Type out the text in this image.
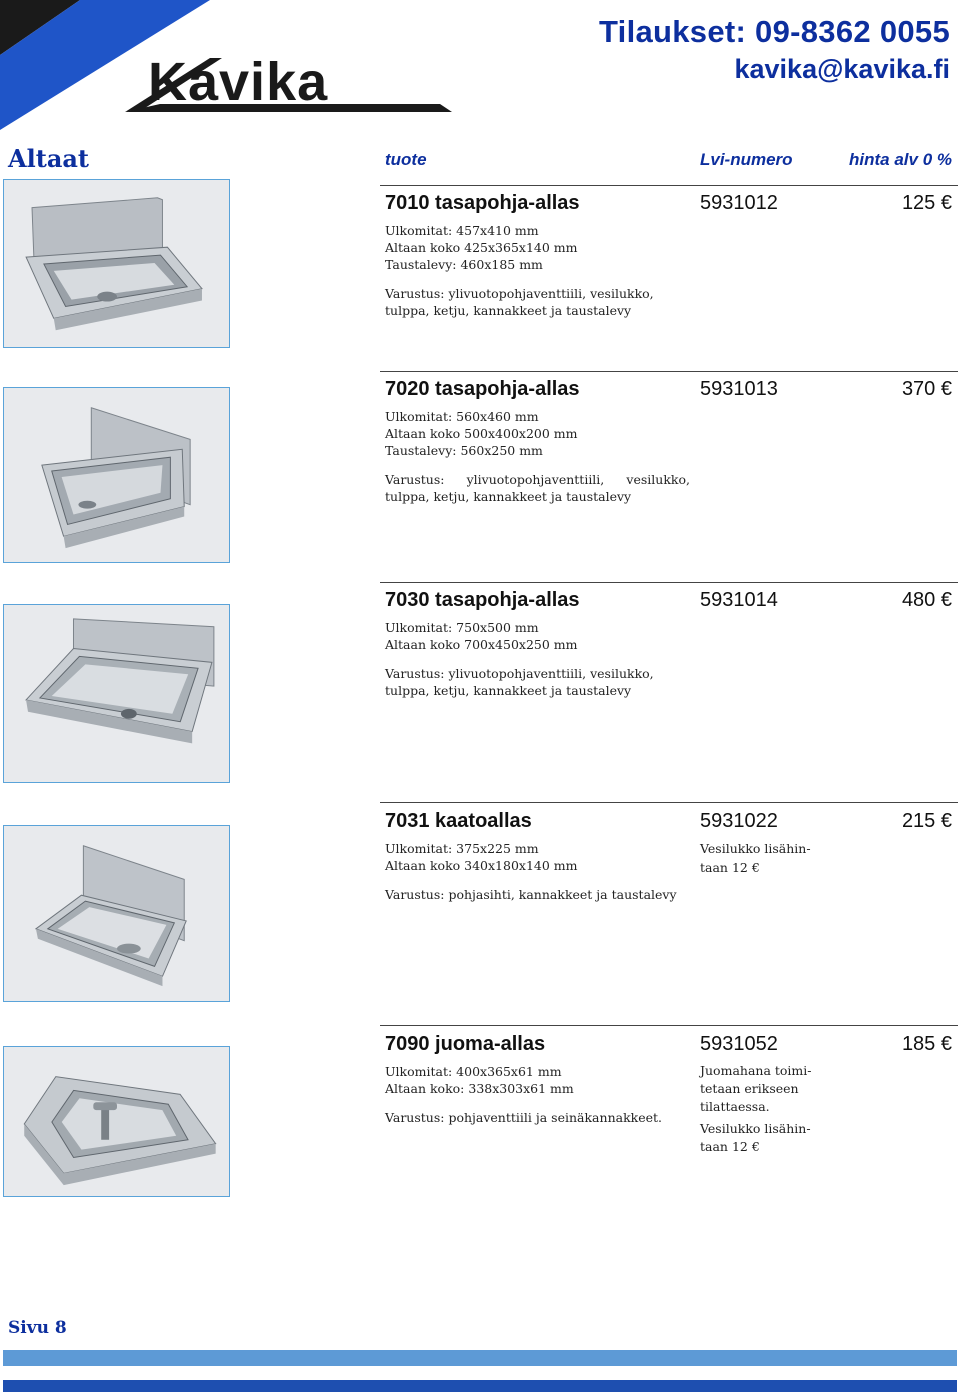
Kavika
Tilaukset: 09-8362 0055
kavika@kavika.fi
Altaat	tuote	Lvi-numero	hinta alv 0 %
7010 tasapohja-allas	5931012	125 €
Ulkomitat: 457x410 mm
Altaan koko 425x365x140 mm
Taustalevy: 460x185 mm
Varustus: ylivuotopohjaventtiili, vesilukko,
tulppa, ketju, kannakkeet ja taustalevy
7020 tasapohja-allas	5931013	370 €
Ulkomitat: 560x460 mm
Altaan koko 500x400x200 mm
Taustalevy: 560x250 mm
Varustus: ylivuotopohjaventtiili, vesilukko,
tulppa, ketju, kannakkeet ja taustalevy
7030 tasapohja-allas	5931014	480 €
Ulkomitat: 750x500 mm
Altaan koko 700x450x250 mm
Varustus: ylivuotopohjaventtiili, vesilukko,
tulppa, ketju, kannakkeet ja taustalevy
7031 kaatoallas	5931022	215 €
Ulkomitat: 375x225 mm
Altaan koko 340x180x140 mm
Varustus: pohjasihti, kannakkeet ja taustalevy
Vesilukko lisähin-
taan 12 €
7090 juoma-allas	5931052	185 €
Ulkomitat: 400x365x61 mm
Altaan koko: 338x303x61 mm
Varustus: pohjaventtiili ja seinäkannakkeet.
Juomahana toimi-
tetaan erikseen
tilattaessa.
Vesilukko lisähin-
taan 12 €
Sivu 8
